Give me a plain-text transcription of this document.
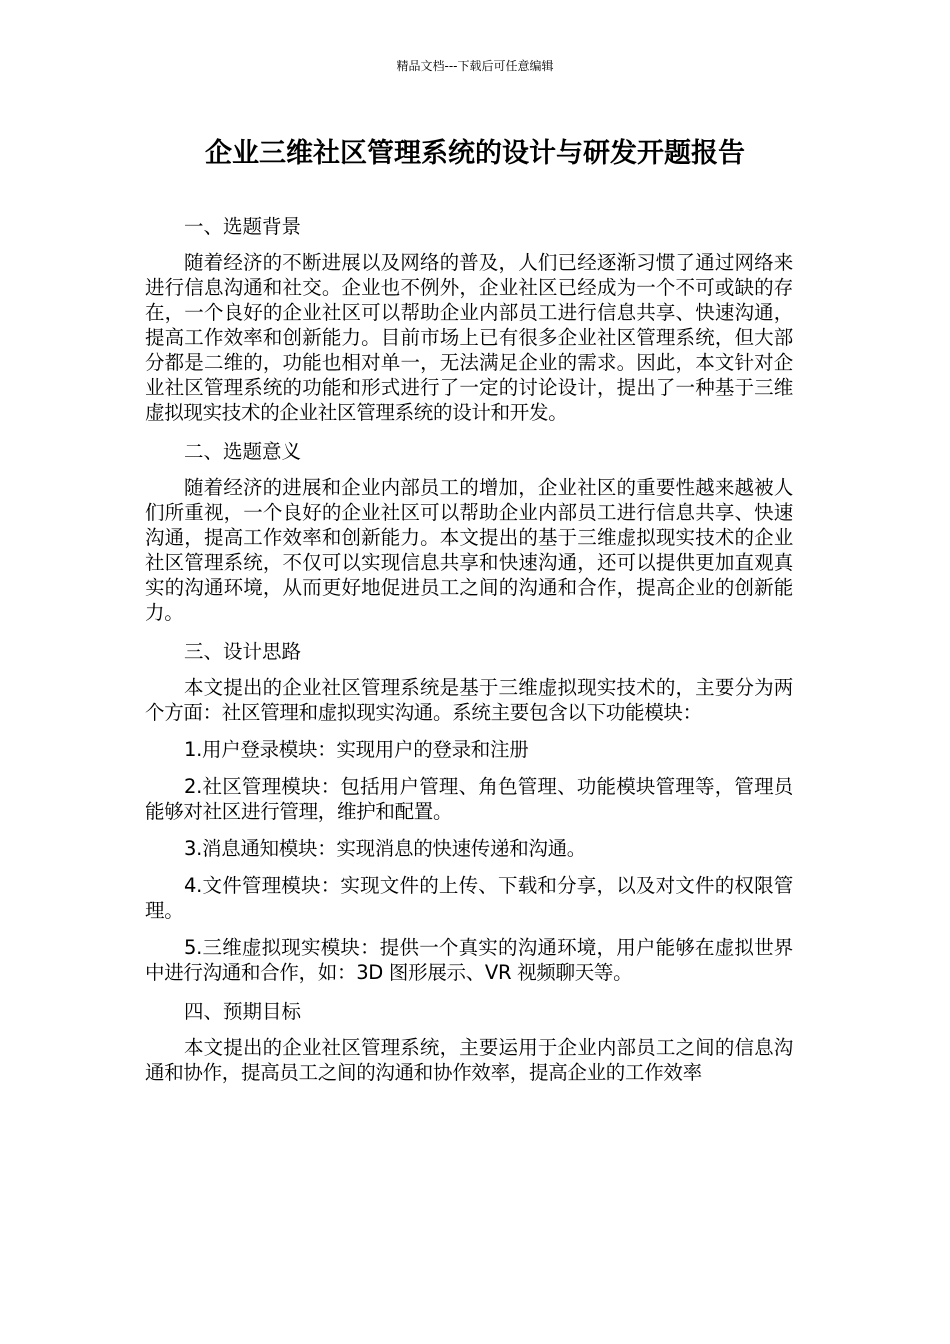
精品文档---下载后可任意编辑
企业三维社区管理系统的设计与研发开题报告

一、选题背景

随着经济的不断进展以及网络的普及，人们已经逐渐习惯了通过网络来进行信息沟通和社交。企业也不例外，企业社区已经成为一个不可或缺的存在，一个良好的企业社区可以帮助企业内部员工进行信息共享、快速沟通，提高工作效率和创新能力。目前市场上已有很多企业社区管理系统，但大部分都是二维的，功能也相对单一，无法满足企业的需求。因此，本文针对企业社区管理系统的功能和形式进行了一定的讨论设计，提出了一种基于三维虚拟现实技术的企业社区管理系统的设计和开发。

二、选题意义

随着经济的进展和企业内部员工的增加，企业社区的重要性越来越被人们所重视，一个良好的企业社区可以帮助企业内部员工进行信息共享、快速沟通，提高工作效率和创新能力。本文提出的基于三维虚拟现实技术的企业社区管理系统，不仅可以实现信息共享和快速沟通，还可以提供更加直观真实的沟通环境，从而更好地促进员工之间的沟通和合作，提高企业的创新能力。

三、设计思路

本文提出的企业社区管理系统是基于三维虚拟现实技术的，主要分为两个方面：社区管理和虚拟现实沟通。系统主要包含以下功能模块：

1.用户登录模块：实现用户的登录和注册

2.社区管理模块：包括用户管理、角色管理、功能模块管理等，管理员能够对社区进行管理，维护和配置。

3.消息通知模块：实现消息的快速传递和沟通。

4.文件管理模块：实现文件的上传、下载和分享，以及对文件的权限管理。

5.三维虚拟现实模块：提供一个真实的沟通环境，用户能够在虚拟世界中进行沟通和合作，如：3D 图形展示、VR 视频聊天等。

四、预期目标

本文提出的企业社区管理系统，主要运用于企业内部员工之间的信息沟通和协作，提高员工之间的沟通和协作效率，提高企业的工作效率
